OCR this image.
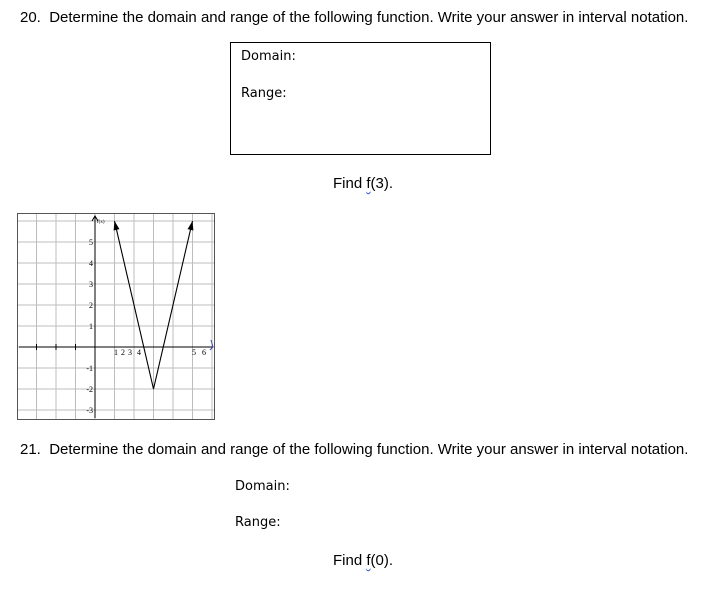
20. Determine the domain and range of the following function. Write your answer in interval notation.
Domain:
Range:
Find f(3).
f(x)
1 2 3 4	5 6
1
2
3
4
5
-1
-2
-3
21. Determine the domain and range of the following function. Write your answer in interval notation.
Domain:
Range:
Find f(0).
